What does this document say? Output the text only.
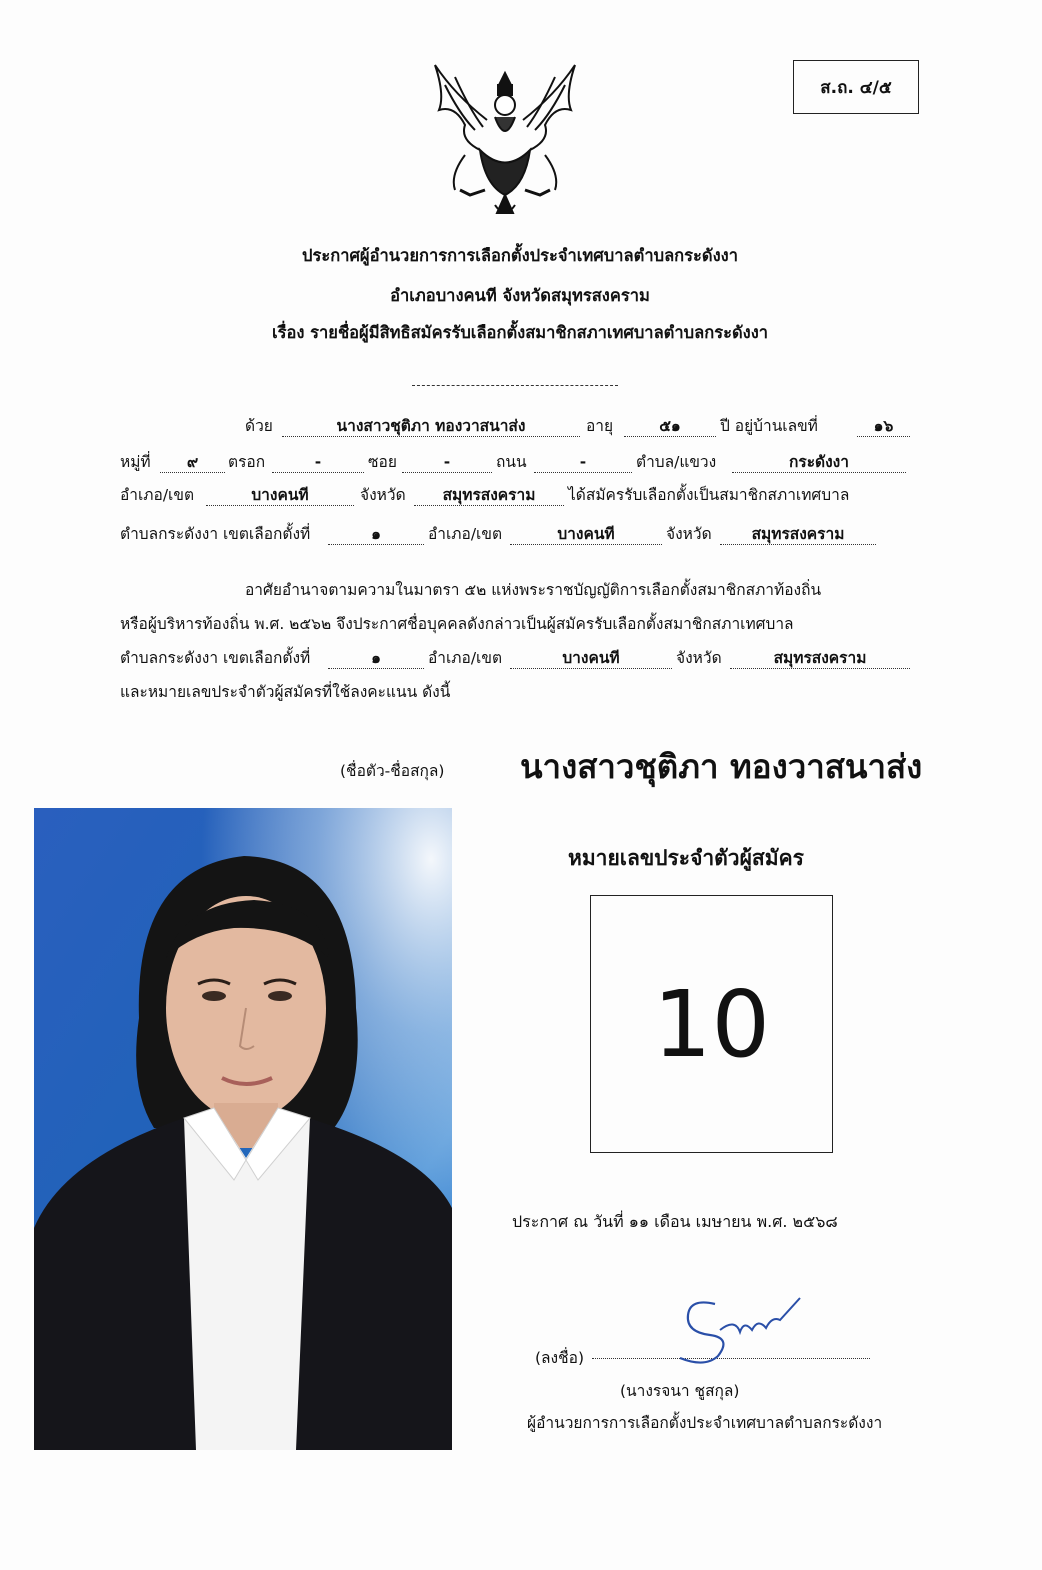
ส.ถ. ๔/๕
ประกาศผู้อำนวยการการเลือกตั้งประจำเทศบาลตำบลกระดังงา
อำเภอบางคนที จังหวัดสมุทรสงคราม
เรื่อง รายชื่อผู้มีสิทธิสมัครรับเลือกตั้งสมาชิกสภาเทศบาลตำบลกระดังงา
ด้วย	นางสาวชุติภา ทองวาสนาส่ง	อายุ	๕๑	ปี อยู่บ้านเลขที่	๑๖
หมู่ที่	๙	ตรอก	-	ซอย	-	ถนน	-	ตำบล/แขวง	กระดังงา
อำเภอ/เขต	บางคนที	จังหวัด	สมุทรสงคราม	ได้สมัครรับเลือกตั้งเป็นสมาชิกสภาเทศบาล
ตำบลกระดังงา เขตเลือกตั้งที่	๑	อำเภอ/เขต	บางคนที	จังหวัด	สมุทรสงคราม
อาศัยอำนาจตามความในมาตรา ๕๒ แห่งพระราชบัญญัติการเลือกตั้งสมาชิกสภาท้องถิ่น
หรือผู้บริหารท้องถิ่น พ.ศ. ๒๕๖๒ จึงประกาศชื่อบุคคลดังกล่าวเป็นผู้สมัครรับเลือกตั้งสมาชิกสภาเทศบาล
ตำบลกระดังงา เขตเลือกตั้งที่	๑	อำเภอ/เขต	บางคนที	จังหวัด	สมุทรสงคราม
และหมายเลขประจำตัวผู้สมัครที่ใช้ลงคะแนน ดังนี้
(ชื่อตัว-ชื่อสกุล) นางสาวชุติภา ทองวาสนาส่ง
หมายเลขประจำตัวผู้สมัคร
10
ประกาศ ณ วันที่ ๑๑ เดือน เมษายน พ.ศ. ๒๕๖๘
(ลงชื่อ)
(นางรจนา ชูสกุล)
ผู้อำนวยการการเลือกตั้งประจำเทศบาลตำบลกระดังงา
